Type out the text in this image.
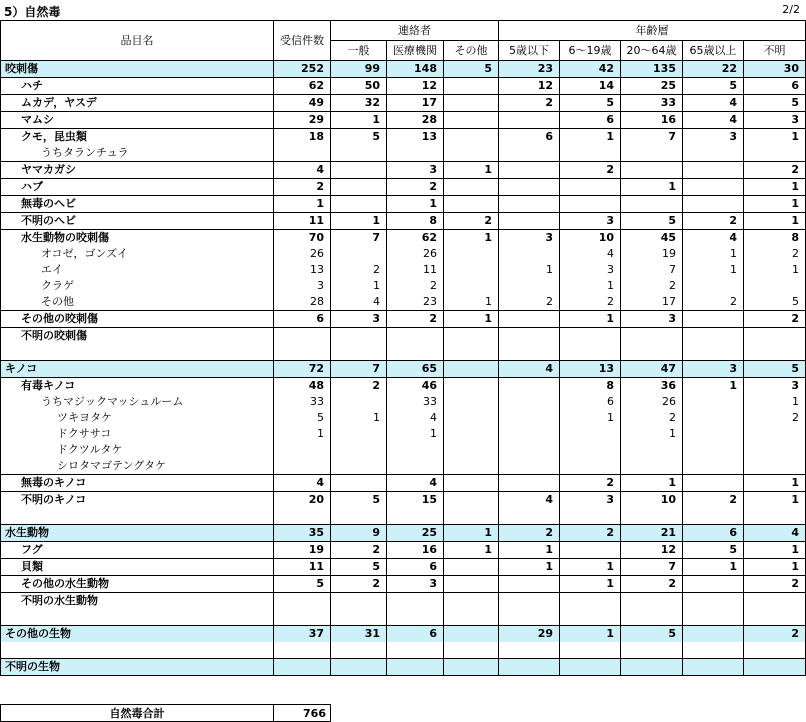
5）自然毒	2/2
品目名	受信件数	連絡者			年齢層				
		一般	医療機関	その他	5歳以下	6～19歳	20～64歳	65歳以上	不明
咬刺傷	252	99	148	5	23	42	135	22	30
ハチ	62	50	12		12	14	25	5	6
ムカデ，ヤスデ	49	32	17		2	5	33	4	5
マムシ	29	1	28			6	16	4	3
クモ，昆虫類	18	5	13		6	1	7	3	1
うちタランチュラ									
ヤマカガシ	4		3	1		2			2
ハブ	2		2				1		1
無毒のヘビ	1		1						1
不明のヘビ	11	1	8	2		3	5	2	1
水生動物の咬刺傷	70	7	62	1	3	10	45	4	8
オコゼ，ゴンズイ	26		26			4	19	1	2
エイ	13	2	11		1	3	7	1	1
クラゲ	3	1	2			1	2		
その他	28	4	23	1	2	2	17	2	5
その他の咬刺傷	6	3	2	1		1	3		2
不明の咬刺傷									

キノコ	72	7	65		4	13	47	3	5
有毒キノコ	48	2	46			8	36	1	3
うちマジックマッシュルーム	33		33			6	26		1
ツキヨタケ	5	1	4			1	2		2
ドクササコ	1		1				1		
ドクツルタケ									
シロタマゴテングタケ									
無毒のキノコ	4		4			2	1		1
不明のキノコ	20	5	15		4	3	10	2	1

水生動物	35	9	25	1	2	2	21	6	4
フグ	19	2	16	1	1		12	5	1
貝類	11	5	6		1	1	7	1	1
その他の水生動物	5	2	3			1	2		2
不明の水生動物									

その他の生物	37	31	6		29	1	5		2

不明の生物									
自然毒合計	766
